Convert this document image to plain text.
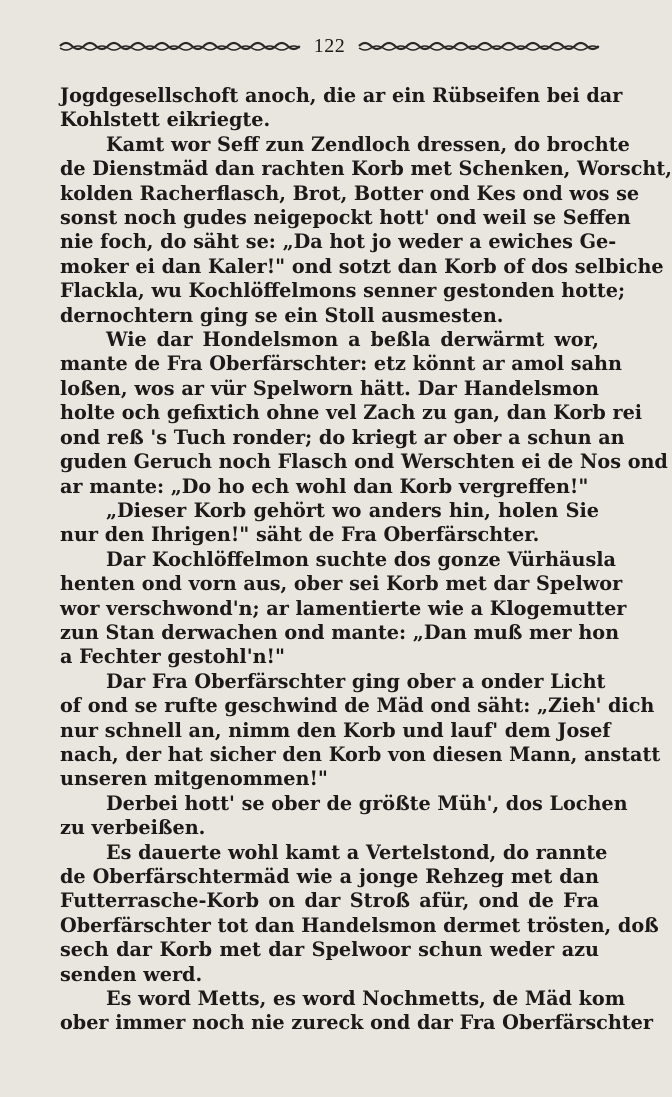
122
Jogdgesellschoft anoch, die ar ein Rübseifen bei dar
Kohlstett eikriegte.
Kamt wor Seff zun Zendloch dressen, do brochte
de Dienstmäd dan rachten Korb met Schenken, Worscht,
kolden Racherflasch, Brot, Botter ond Kes ond wos se
sonst noch gudes neigepockt hott' ond weil se Seffen
nie foch, do säht se: „Da hot jo weder a ewiches Ge-
moker ei dan Kaler!" ond sotzt dan Korb of dos selbiche
Flackla, wu Kochlöffelmons senner gestonden hotte;
dernochtern ging se ein Stoll ausmesten.
Wie dar Hondelsmon a beßla derwärmt wor,
mante de Fra Oberfärschter: etz könnt ar amol sahn
loßen, wos ar vür Spelworn hätt. Dar Handelsmon
holte och gefixtich ohne vel Zach zu gan, dan Korb rei
ond reß 's Tuch ronder; do kriegt ar ober a schun an
guden Geruch noch Flasch ond Werschten ei de Nos ond
ar mante: „Do ho ech wohl dan Korb vergreffen!"
„Dieser Korb gehört wo anders hin, holen Sie
nur den Ihrigen!" säht de Fra Oberfärschter.
Dar Kochlöffelmon suchte dos gonze Vürhäusla
henten ond vorn aus, ober sei Korb met dar Spelwor
wor verschwond'n; ar lamentierte wie a Klogemutter
zun Stan derwachen ond mante: „Dan muß mer hon
a Fechter gestohl'n!"
Dar Fra Oberfärschter ging ober a onder Licht
of ond se rufte geschwind de Mäd ond säht: „Zieh' dich
nur schnell an, nimm den Korb und lauf' dem Josef
nach, der hat sicher den Korb von diesen Mann, anstatt
unseren mitgenommen!"
Derbei hott' se ober de größte Müh', dos Lochen
zu verbeißen.
Es dauerte wohl kamt a Vertelstond, do rannte
de Oberfärschtermäd wie a jonge Rehzeg met dan
Futterrasche-Korb on dar Stroß afür, ond de Fra
Oberfärschter tot dan Handelsmon dermet trösten, doß
sech dar Korb met dar Spelwoor schun weder azu
senden werd.
Es word Metts, es word Nochmetts, de Mäd kom
ober immer noch nie zureck ond dar Fra Oberfärschter
